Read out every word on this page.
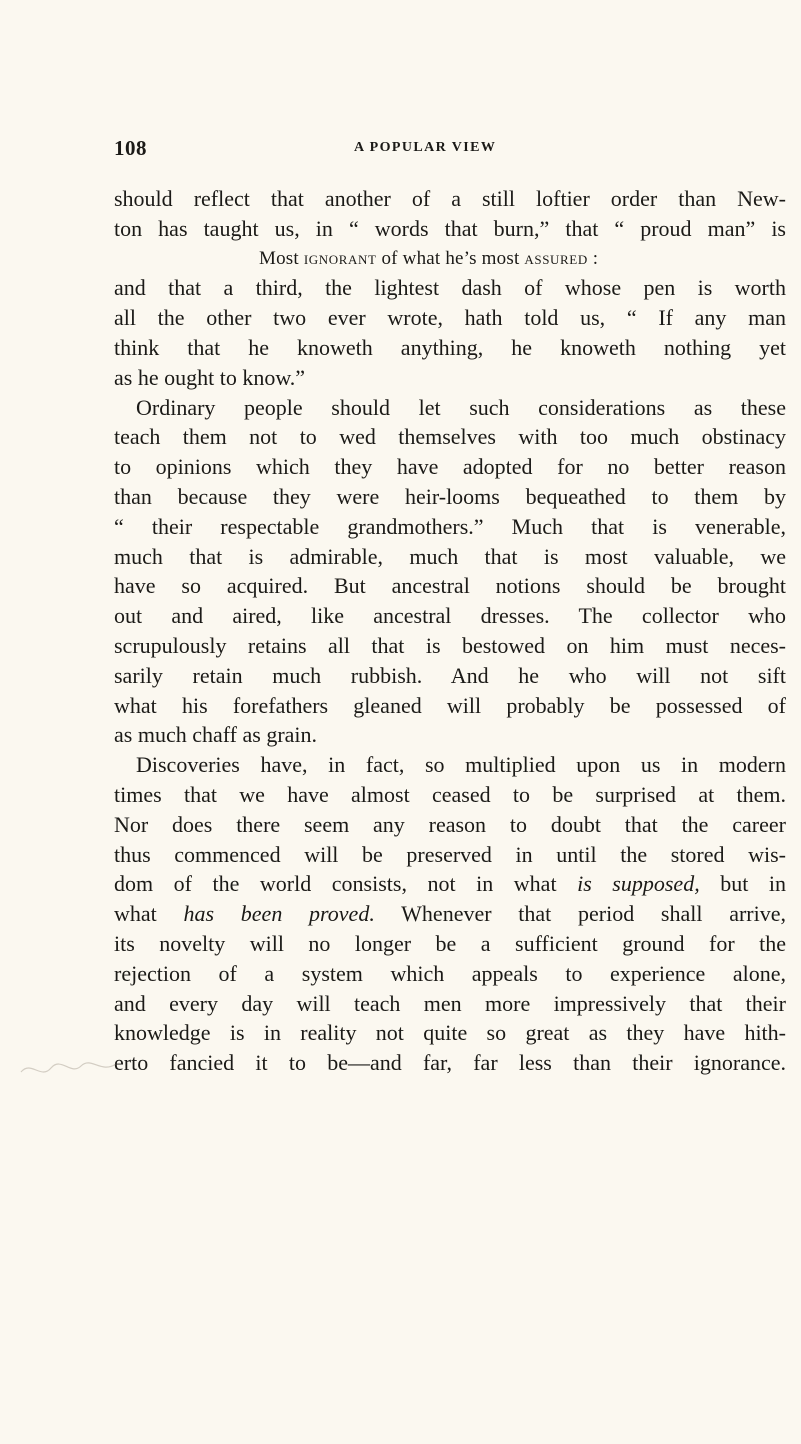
108	A POPULAR VIEW
should reflect that another of a still loftier order than New-
ton has taught us, in “ words that burn,” that “ proud man” is
Most ignorant of what he’s most assured :
and that a third, the lightest dash of whose pen is worth
all the other two ever wrote, hath told us, “ If any man
think that he knoweth anything, he knoweth nothing yet
as he ought to know.”
Ordinary people should let such considerations as these
teach them not to wed themselves with too much obstinacy
to opinions which they have adopted for no better reason
than because they were heir-looms bequeathed to them by
“ their respectable grandmothers.” Much that is venerable,
much that is admirable, much that is most valuable, we
have so acquired. But ancestral notions should be brought
out and aired, like ancestral dresses. The collector who
scrupulously retains all that is bestowed on him must neces-
sarily retain much rubbish. And he who will not sift
what his forefathers gleaned will probably be possessed of
as much chaff as grain.
Discoveries have, in fact, so multiplied upon us in modern
times that we have almost ceased to be surprised at them.
Nor does there seem any reason to doubt that the career
thus commenced will be preserved in until the stored wis-
dom of the world consists, not in what is supposed, but in
what has been proved. Whenever that period shall arrive,
its novelty will no longer be a sufficient ground for the
rejection of a system which appeals to experience alone,
and every day will teach men more impressively that their
knowledge is in reality not quite so great as they have hith-
erto fancied it to be—and far, far less than their ignorance.
